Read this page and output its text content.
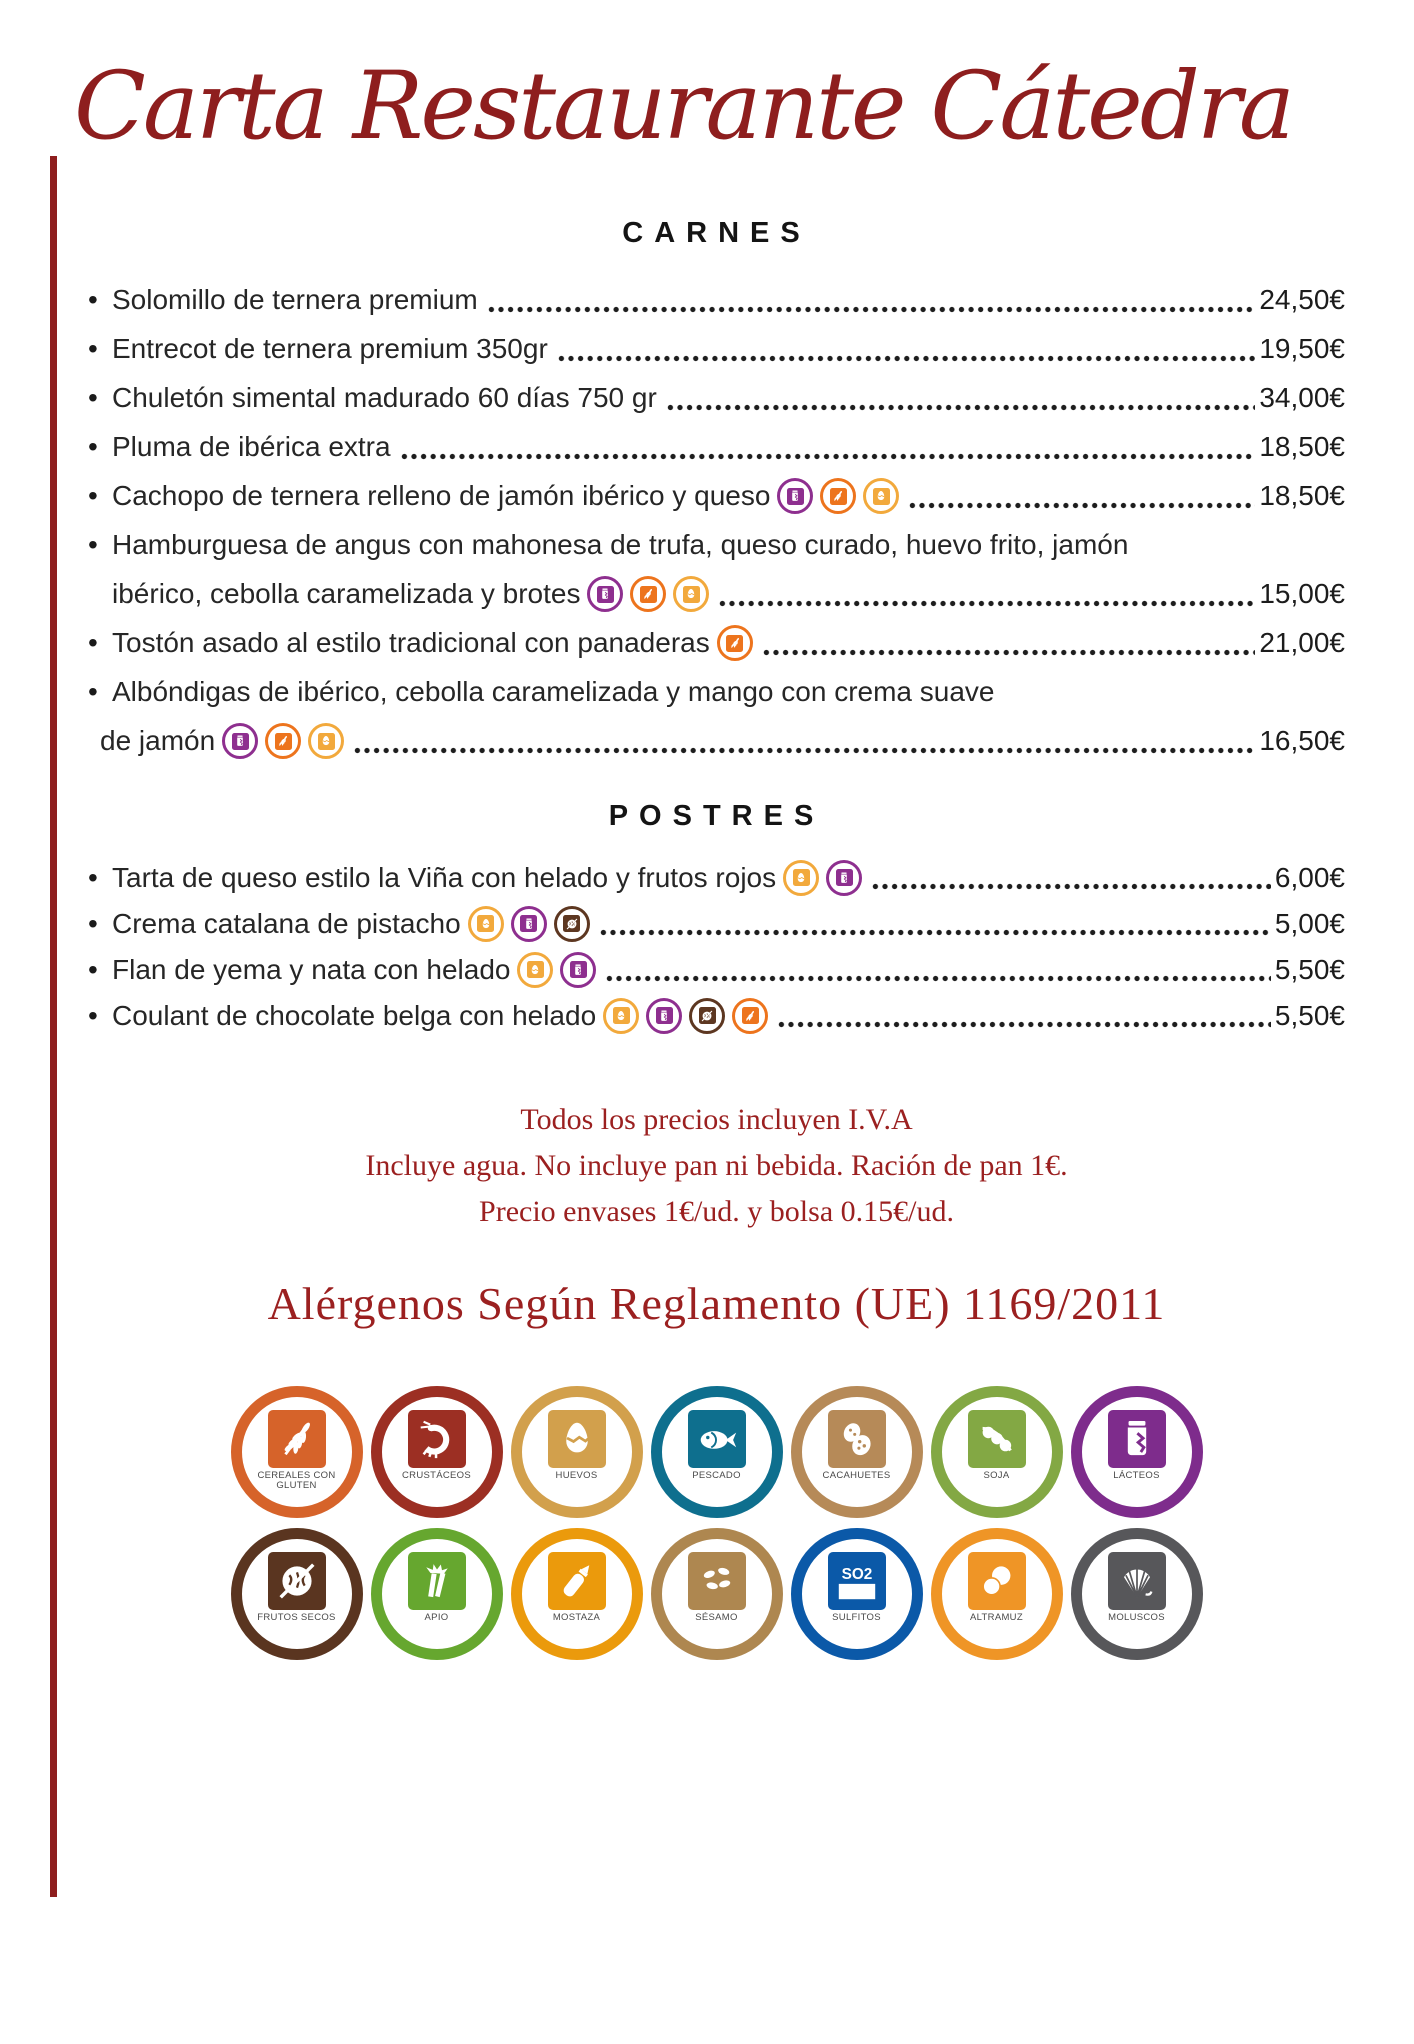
Carta Restaurante Cátedra
CARNES
• Solomillo de ternera premium	24,50€
• Entrecot de ternera premium 350gr	19,50€
• Chuletón simental madurado 60 días 750 gr	34,00€
• Pluma de ibérica extra	18,50€
• Cachopo de ternera relleno de jamón ibérico y queso	18,50€
• Hamburguesa de angus con mahonesa de trufa, queso curado, huevo frito, jamón
ibérico, cebolla caramelizada y brotes	15,00€
• Tostón asado al estilo tradicional con panaderas	21,00€
• Albóndigas de ibérico, cebolla caramelizada y mango con crema suave
de jamón	16,50€
POSTRES
• Tarta de queso estilo la Viña con helado y frutos rojos	6,00€
• Crema catalana de pistacho	5,00€
• Flan de yema y nata con helado	5,50€
• Coulant de chocolate belga con helado	5,50€
Todos los precios incluyen I.V.A
Incluye agua. No incluye pan ni bebida. Ración de pan 1€.
Precio envases 1€/ud. y bolsa 0.15€/ud.
Alérgenos Según Reglamento (UE) 1169/2011
CEREALES CON GLUTEN
CRUSTÁCEOS	HUEVOS	PESCADO	CACAHUETES	SOJA	LÁCTEOS
FRUTOS SECOS	APIO	MOSTAZA	SÉSAMO
SO2
SULFITOS	ALTRAMUZ	MOLUSCOS
